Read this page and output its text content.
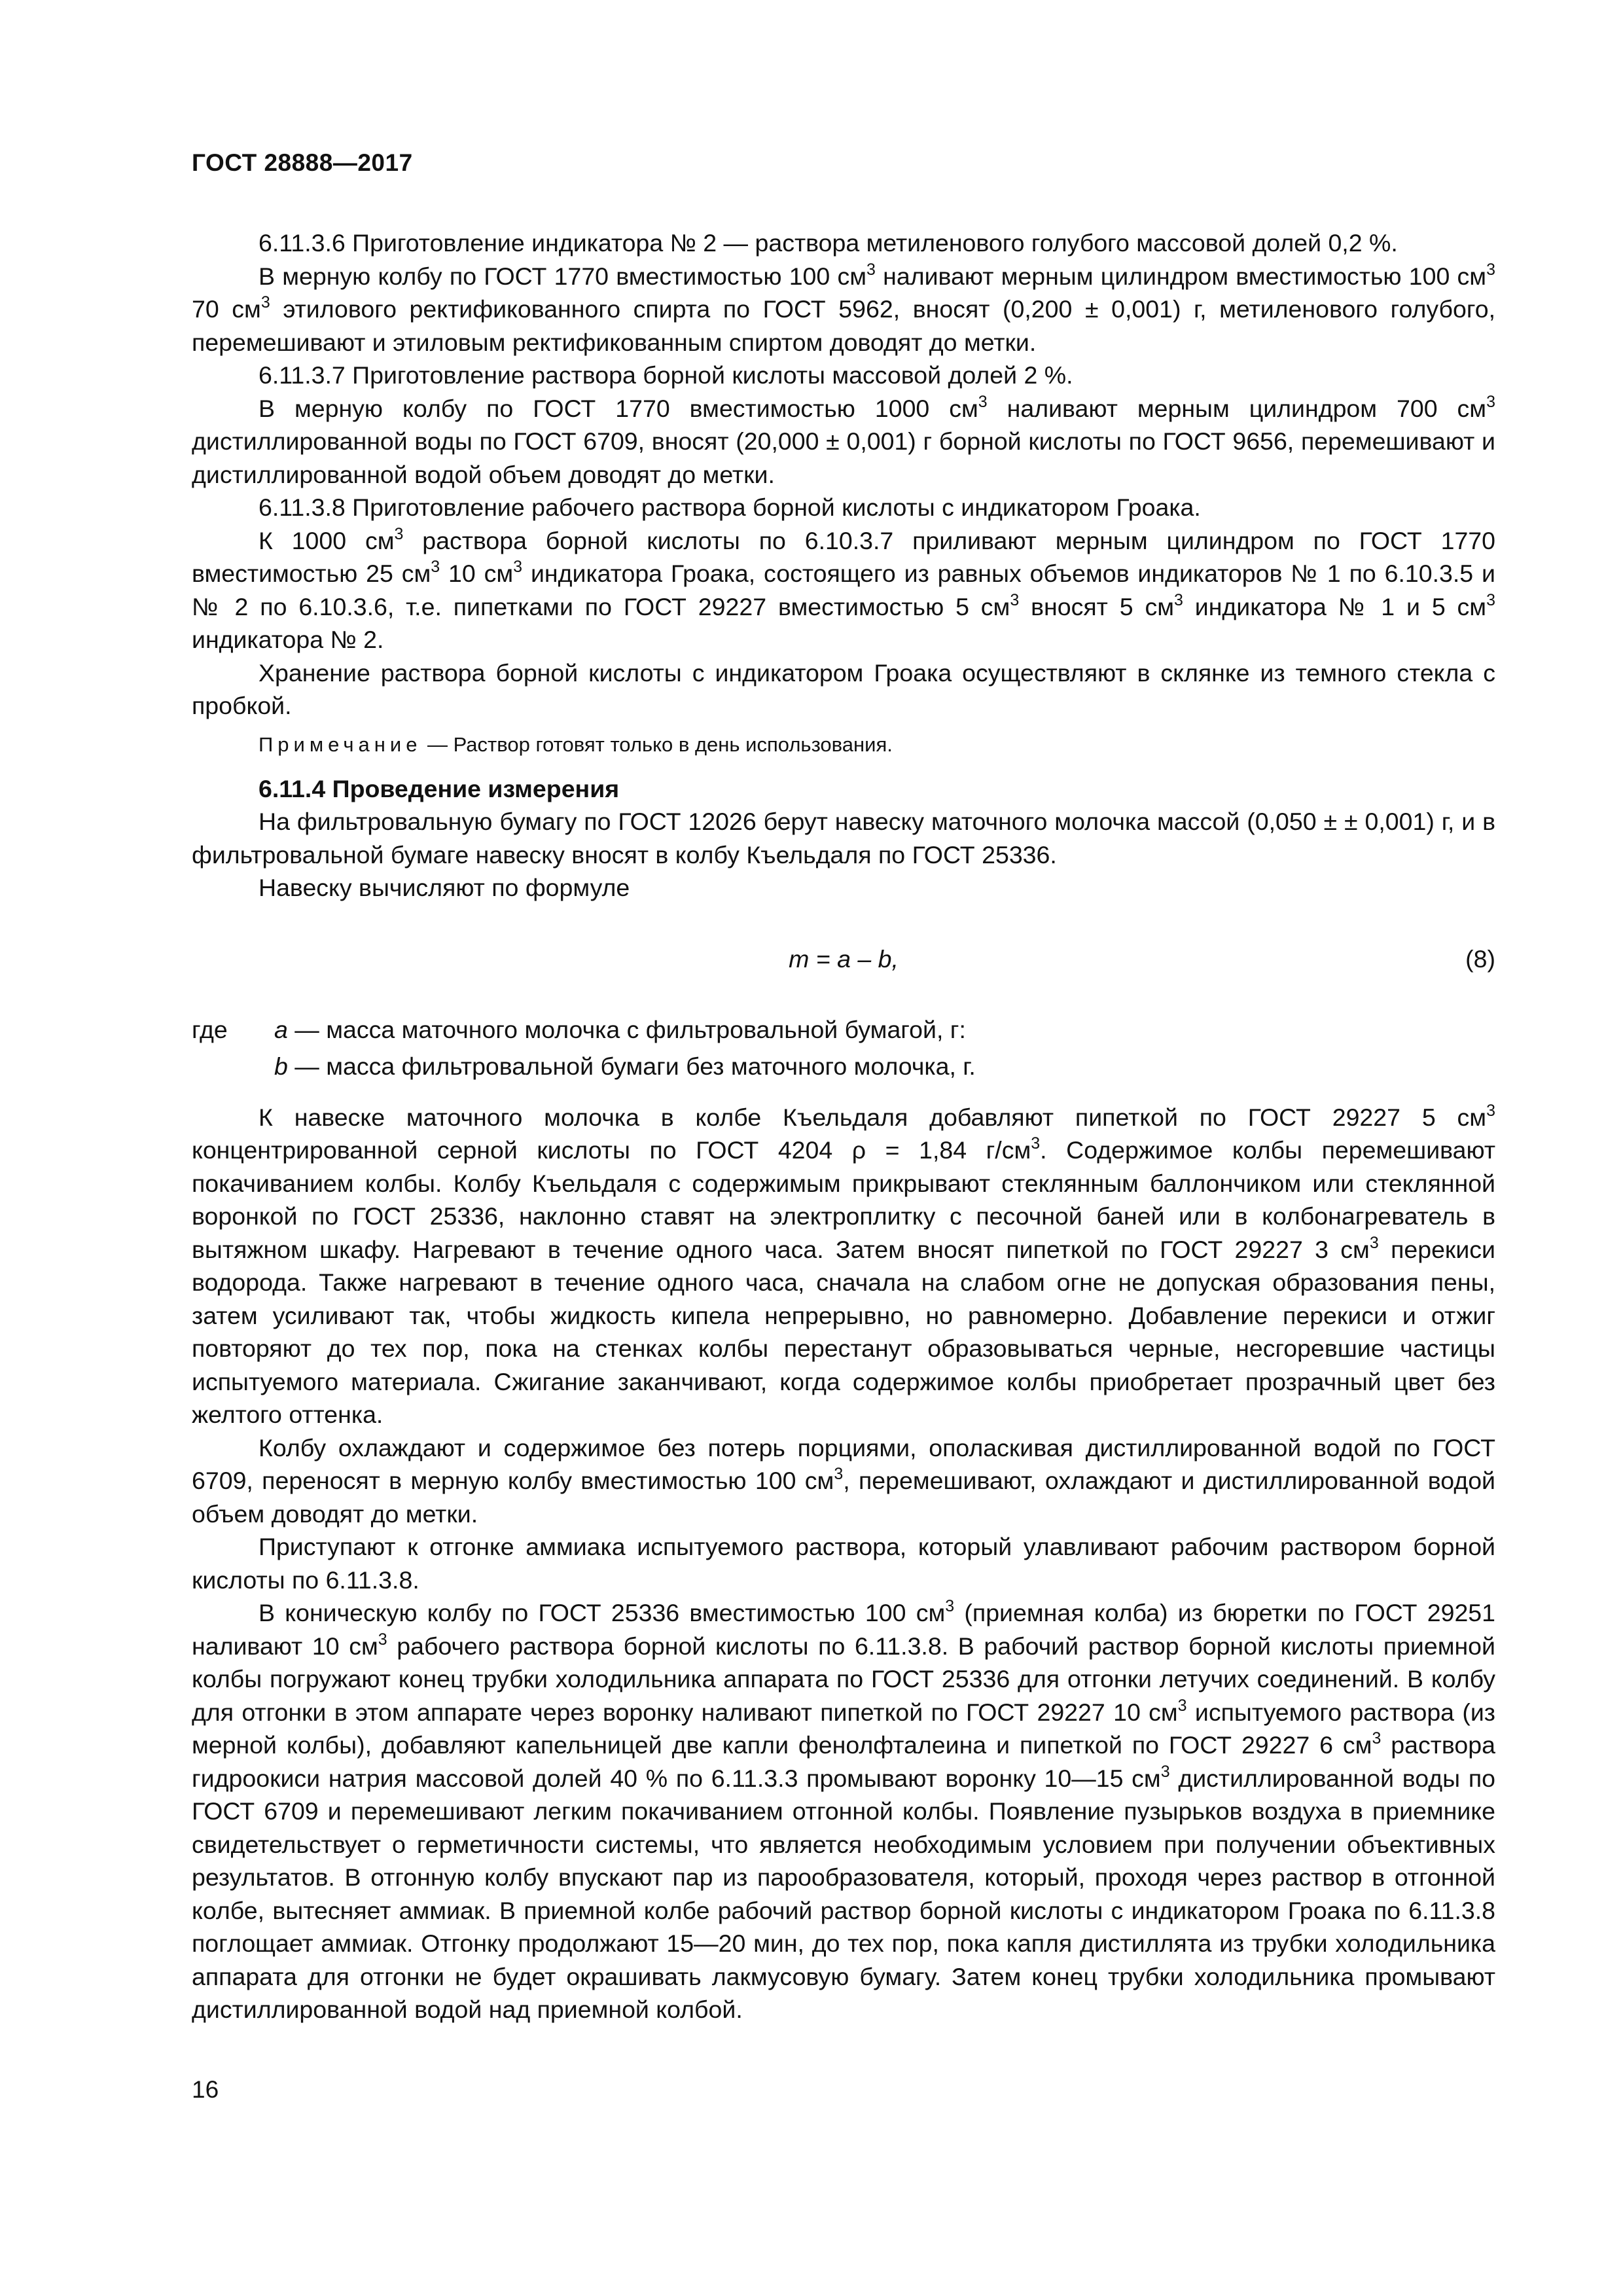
ГОСТ 28888—2017

6.11.3.6 Приготовление индикатора № 2 — раствора метиленового голубого массовой долей 0,2 %.

В мерную колбу по ГОСТ 1770 вместимостью 100 $см^3$ наливают мерным цилиндром вместимостью 100 $см^3$ 70 $см^3$ этилового ректификованного спирта по ГОСТ 5962, вносят (0,200 ± 0,001) г, метиленового голубого, перемешивают и этиловым ректификованным спиртом доводят до метки.

6.11.3.7 Приготовление раствора борной кислоты массовой долей 2 %.

В мерную колбу по ГОСТ 1770 вместимостью 1000 $см^3$ наливают мерным цилиндром 700 $см^3$ дистиллированной воды по ГОСТ 6709, вносят (20,000 ± 0,001) г борной кислоты по ГОСТ 9656, перемешивают и дистиллированной водой объем доводят до метки.

6.11.3.8 Приготовление рабочего раствора борной кислоты с индикатором Гроака.

К 1000 $см^3$ раствора борной кислоты по 6.10.3.7 приливают мерным цилиндром по ГОСТ 1770 вместимостью 25 $см^3$ 10 $см^3$ индикатора Гроака, состоящего из равных объемов индикаторов № 1 по 6.10.3.5 и № 2 по 6.10.3.6, т.е. пипетками по ГОСТ 29227 вместимостью 5 $см^3$ вносят 5 $см^3$ индикатора № 1 и 5 $см^3$ индикатора № 2.

Хранение раствора борной кислоты с индикатором Гроака осуществляют в склянке из темного стекла с пробкой.

Примечание — Раствор готовят только в день использования.

6.11.4 Проведение измерения

На фильтровальную бумагу по ГОСТ 12026 берут навеску маточного молочка массой (0,050 ± ± 0,001) г, и в фильтровальной бумаге навеску вносят в колбу Къельдаля по ГОСТ 25336.

Навеску вычисляют по формуле

m = a – b,	(8)
где a — масса маточного молочка с фильтровальной бумагой, г:
b — масса фильтровальной бумаги без маточного молочка, г.

К навеске маточного молочка в колбе Къельдаля добавляют пипеткой по ГОСТ 29227 5 $см^3$ концентрированной серной кислоты по ГОСТ 4204 ρ = 1,84 $г/см^3$. Содержимое колбы перемешивают покачиванием колбы. Колбу Къельдаля с содержимым прикрывают стеклянным баллончиком или стеклянной воронкой по ГОСТ 25336, наклонно ставят на электроплитку с песочной баней или в колбонагреватель в вытяжном шкафу. Нагревают в течение одного часа. Затем вносят пипеткой по ГОСТ 29227 3 $см^3$ перекиси водорода. Также нагревают в течение одного часа, сначала на слабом огне не допуская образования пены, затем усиливают так, чтобы жидкость кипела непрерывно, но равномерно. Добавление перекиси и отжиг повторяют до тех пор, пока на стенках колбы перестанут образовываться черные, несгоревшие частицы испытуемого материала. Сжигание заканчивают, когда содержимое колбы приобретает прозрачный цвет без желтого оттенка.

Колбу охлаждают и содержимое без потерь порциями, ополаскивая дистиллированной водой по ГОСТ 6709, переносят в мерную колбу вместимостью 100 $см^3$, перемешивают, охлаждают и дистиллированной водой объем доводят до метки.

Приступают к отгонке аммиака испытуемого раствора, который улавливают рабочим раствором борной кислоты по 6.11.3.8.

В коническую колбу по ГОСТ 25336 вместимостью 100 $см^3$ (приемная колба) из бюретки по ГОСТ 29251 наливают 10 $см^3$ рабочего раствора борной кислоты по 6.11.3.8. В рабочий раствор борной кислоты приемной колбы погружают конец трубки холодильника аппарата по ГОСТ 25336 для отгонки летучих соединений. В колбу для отгонки в этом аппарате через воронку наливают пипеткой по ГОСТ 29227 10 $см^3$ испытуемого раствора (из мерной колбы), добавляют капельницей две капли фенолфталеина и пипеткой по ГОСТ 29227 6 $см^3$ раствора гидроокиси натрия массовой долей 40 % по 6.11.3.3 промывают воронку 10—15 $см^3$ дистиллированной воды по ГОСТ 6709 и перемешивают легким покачиванием отгонной колбы. Появление пузырьков воздуха в приемнике свидетельствует о герметичности системы, что является необходимым условием при получении объективных результатов. В отгонную колбу впускают пар из парообразователя, который, проходя через раствор в отгонной колбе, вытесняет аммиак. В приемной колбе рабочий раствор борной кислоты с индикатором Гроака по 6.11.3.8 поглощает аммиак. Отгонку продолжают 15—20 мин, до тех пор, пока капля дистиллята из трубки холодильника аппарата для отгонки не будет окрашивать лакмусовую бумагу. Затем конец трубки холодильника промывают дистиллированной водой над приемной колбой.

16
